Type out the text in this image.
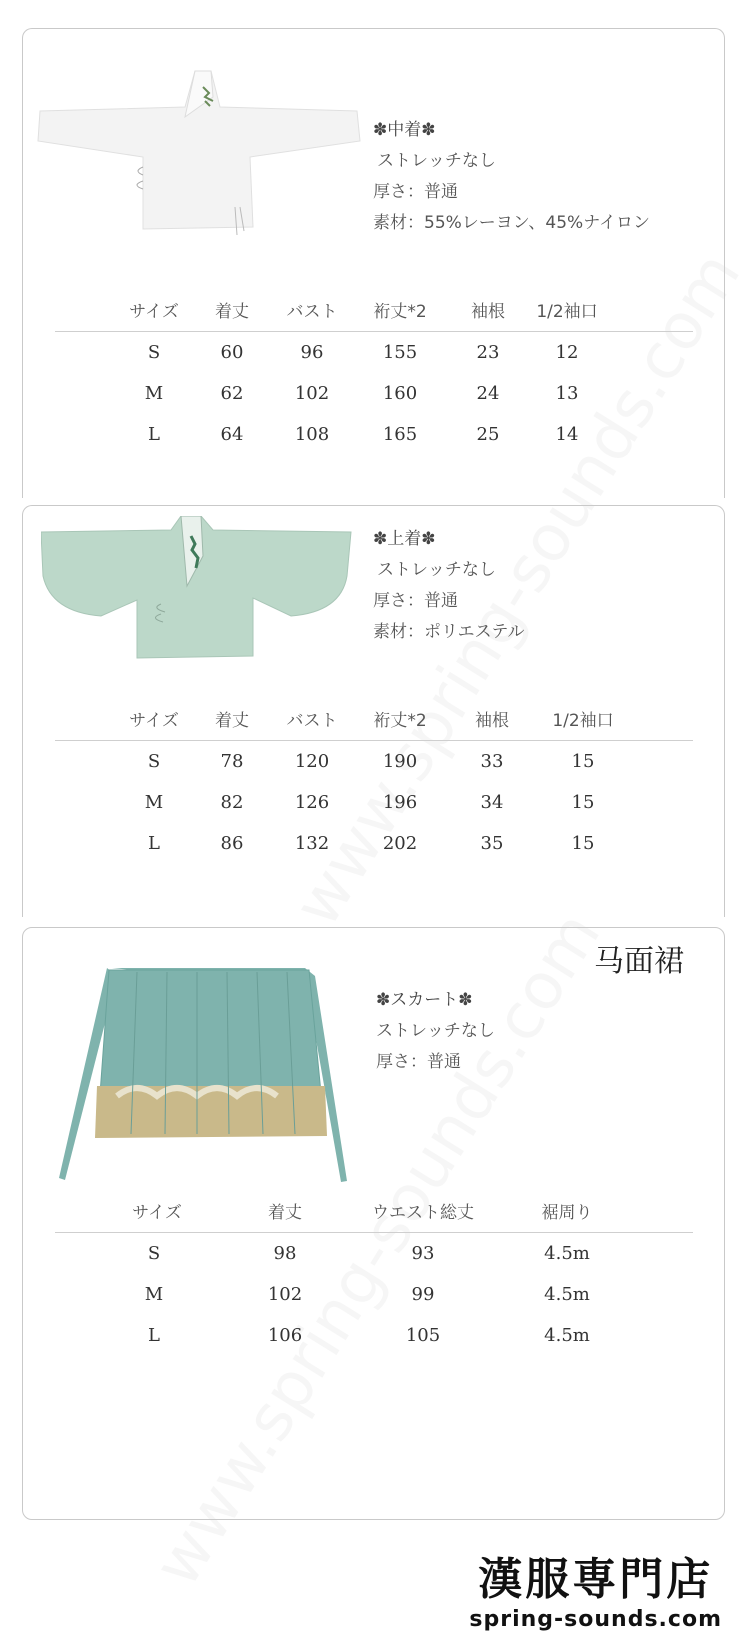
✽中着✽
ストレッチなし
厚さ：普通
素材：55%レーヨン、45%ナイロン
サイズ 着丈 バスト 裄丈*2	袖根 1/2袖口
S	60	96	155	23	12
M	62	102	160	24	13
L	64	108	165	25	14
✽上着✽
ストレッチなし
厚さ：普通
素材：ポリエステル
サイズ 着丈 バスト 裄丈*2	袖根	1/2袖口
S	78	120	190	33	15
M	82	126	196	34	15
L	86	132	202	35	15
马面裙
✽スカート✽
ストレッチなし
厚さ：普通
サイズ	着丈	ウエスト総丈	裾周り
S	98	93	4.5m
M	102	99	4.5m
L	106	105	4.5m
漢服専門店
spring-sounds.com
